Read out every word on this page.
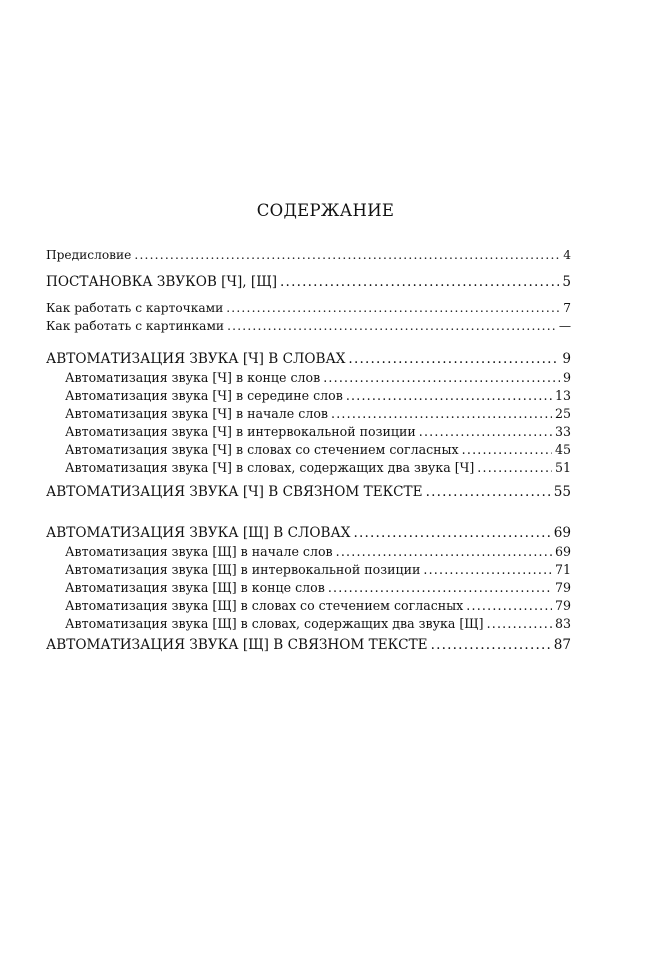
СОДЕРЖАНИЕ
Предисловие .....	4
ПОСТАНОВКА ЗВУКОВ [Ч], [Щ] .....	5
Как работать с карточками .....	7
Как работать с картинками .....	—
АВТОМАТИЗАЦИЯ ЗВУКА [Ч] В СЛОВАХ .....	9
Автоматизация звука [Ч] в конце слов .....	9
Автоматизация звука [Ч] в середине слов .....	13
Автоматизация звука [Ч] в начале слов .....	25
Автоматизация звука [Ч] в интервокальной позиции .....	33
Автоматизация звука [Ч] в словах со стечением согласных .....	45
Автоматизация звука [Ч] в словах, содержащих два звука [Ч] .....	51
АВТОМАТИЗАЦИЯ ЗВУКА [Ч] В СВЯЗНОМ ТЕКСТЕ .....	55
АВТОМАТИЗАЦИЯ ЗВУКА [Щ] В СЛОВАХ .....	69
Автоматизация звука [Щ] в начале слов .....	69
Автоматизация звука [Щ] в интервокальной позиции .....	71
Автоматизация звука [Щ] в конце слов .....	79
Автоматизация звука [Щ] в словах со стечением согласных .....	79
Автоматизация звука [Щ] в словах, содержащих два звука [Щ] .....	83
АВТОМАТИЗАЦИЯ ЗВУКА [Щ] В СВЯЗНОМ ТЕКСТЕ .....	87
